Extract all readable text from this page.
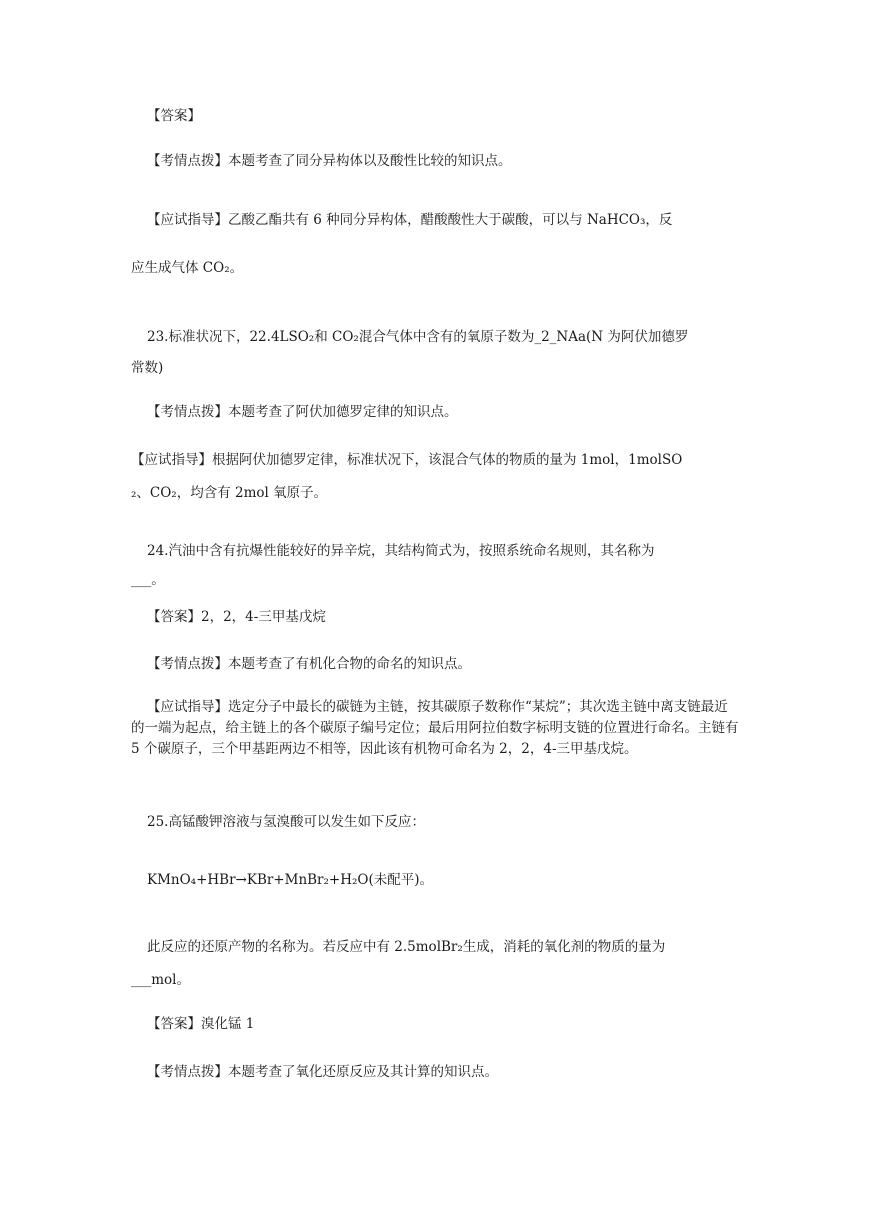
【答案】
【考情点拨】本题考查了同分异构体以及酸性比较的知识点。
【应试指导】乙酸乙酯共有 6 种同分异构体，醋酸酸性大于碳酸，可以与 NaHCO₃，反
应生成气体 CO₂。
23.标准状况下，22.4LSO₂和 CO₂混合气体中含有的氧原子数为_2_NAa(N 为阿伏加德罗
常数)
【考情点拨】本题考查了阿伏加德罗定律的知识点。
【应试指导】根据阿伏加德罗定律，标准状况下，该混合气体的物质的量为 1mol，1molSO
₂、CO₂，均含有 2mol 氧原子。
24.汽油中含有抗爆性能较好的异辛烷，其结构简式为，按照系统命名规则，其名称为
___。
【答案】2，2，4-三甲基戊烷
【考情点拨】本题考查了有机化合物的命名的知识点。
【应试指导】选定分子中最长的碳链为主链，按其碳原子数称作“某烷”；其次选主链中离支链最近的一端为起点，给主链上的各个碳原子编号定位；最后用阿拉伯数字标明支链的位置进行命名。主链有 5 个碳原子，三个甲基距两边不相等，因此该有机物可命名为 2，2，4-三甲基戊烷。
25.高锰酸钾溶液与氢溴酸可以发生如下反应：
KMnO₄+HBr→KBr+MnBr₂+H₂O(未配平)。
此反应的还原产物的名称为。若反应中有 2.5molBr₂生成，消耗的氧化剂的物质的量为
___mol。
【答案】溴化锰 1
【考情点拨】本题考查了氧化还原反应及其计算的知识点。
